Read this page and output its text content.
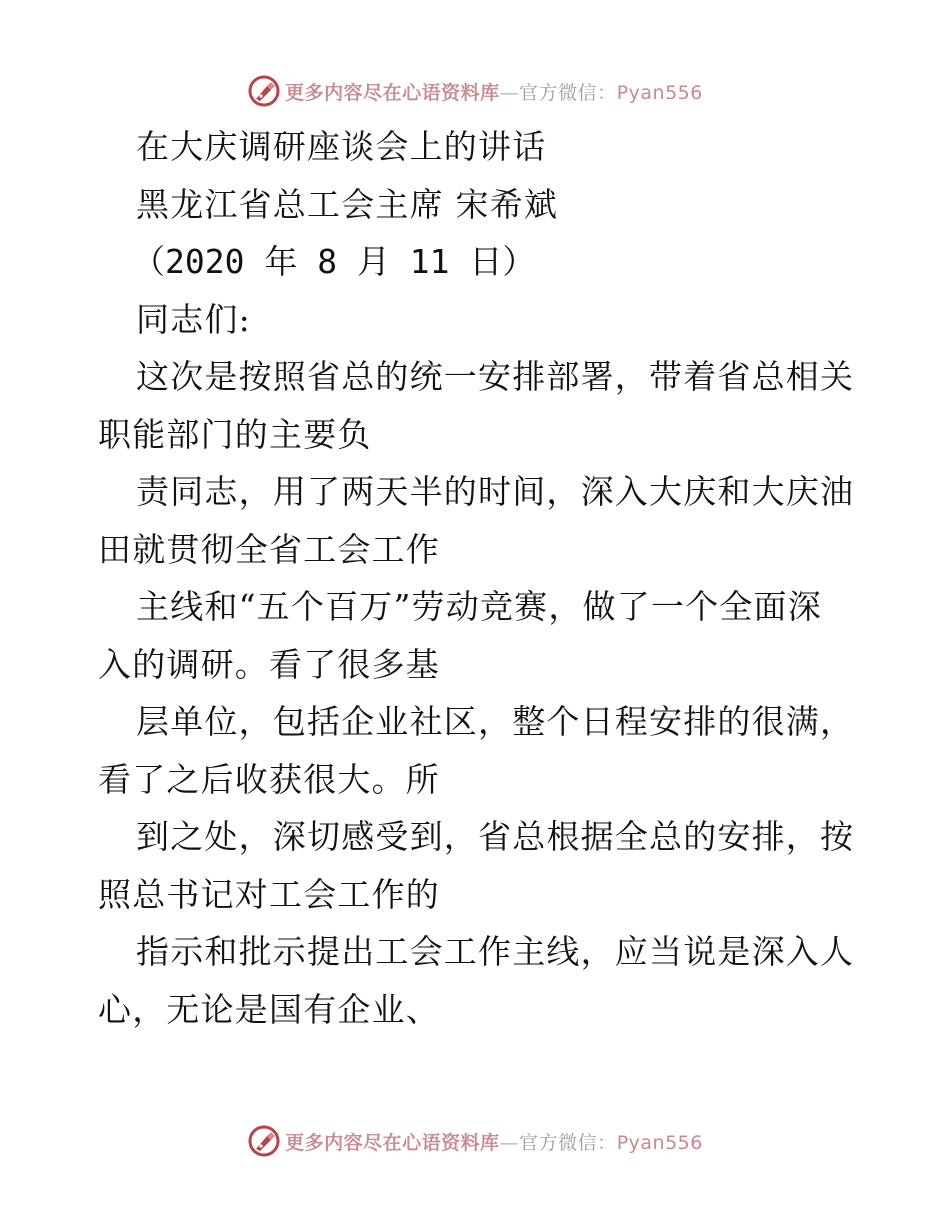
更多内容尽在心语资料库—官方微信：Pyan556
在大庆调研座谈会上的讲话
黑龙江省总工会主席 宋希斌
（2020 年 8 月 11 日）
同志们:
这次是按照省总的统一安排部署，带着省总相关
职能部门的主要负
责同志，用了两天半的时间，深入大庆和大庆油
田就贯彻全省工会工作
主线和“五个百万”劳动竞赛，做了一个全面深
入的调研。看了很多基
层单位，包括企业社区，整个日程安排的很满，
看了之后收获很大。所
到之处，深切感受到，省总根据全总的安排，按
照总书记对工会工作的
指示和批示提出工会工作主线，应当说是深入人
心，无论是国有企业、
更多内容尽在心语资料库—官方微信：Pyan556
